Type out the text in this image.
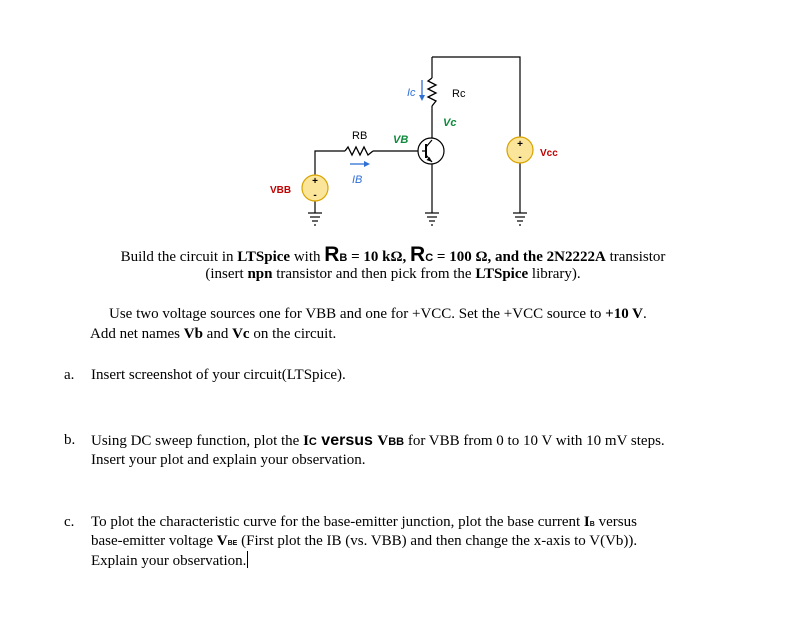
+
-
+
-
Ic	Rc
Vc
RB VB
IB
VBB
Vcc
Build the circuit in LTSpice with RB = 10 kΩ, RC = 100 Ω, and the 2N2222A transistor
(insert npn transistor and then pick from the LTSpice library).
Use two voltage sources one for VBB and one for +VCC. Set the +VCC source to +10 V.
Add net names Vb and Vc on the circuit.
a. Insert screenshot of your circuit(LTSpice).
b. Using DC sweep function, plot the IC versus VBB for VBB from 0 to 10 V with 10 mV steps.
Insert your plot and explain your observation.
c. To plot the characteristic curve for the base-emitter junction, plot the base current IB versus
base-emitter voltage VBE (First plot the IB (vs. VBB) and then change the x-axis to V(Vb)).
Explain your observation.
